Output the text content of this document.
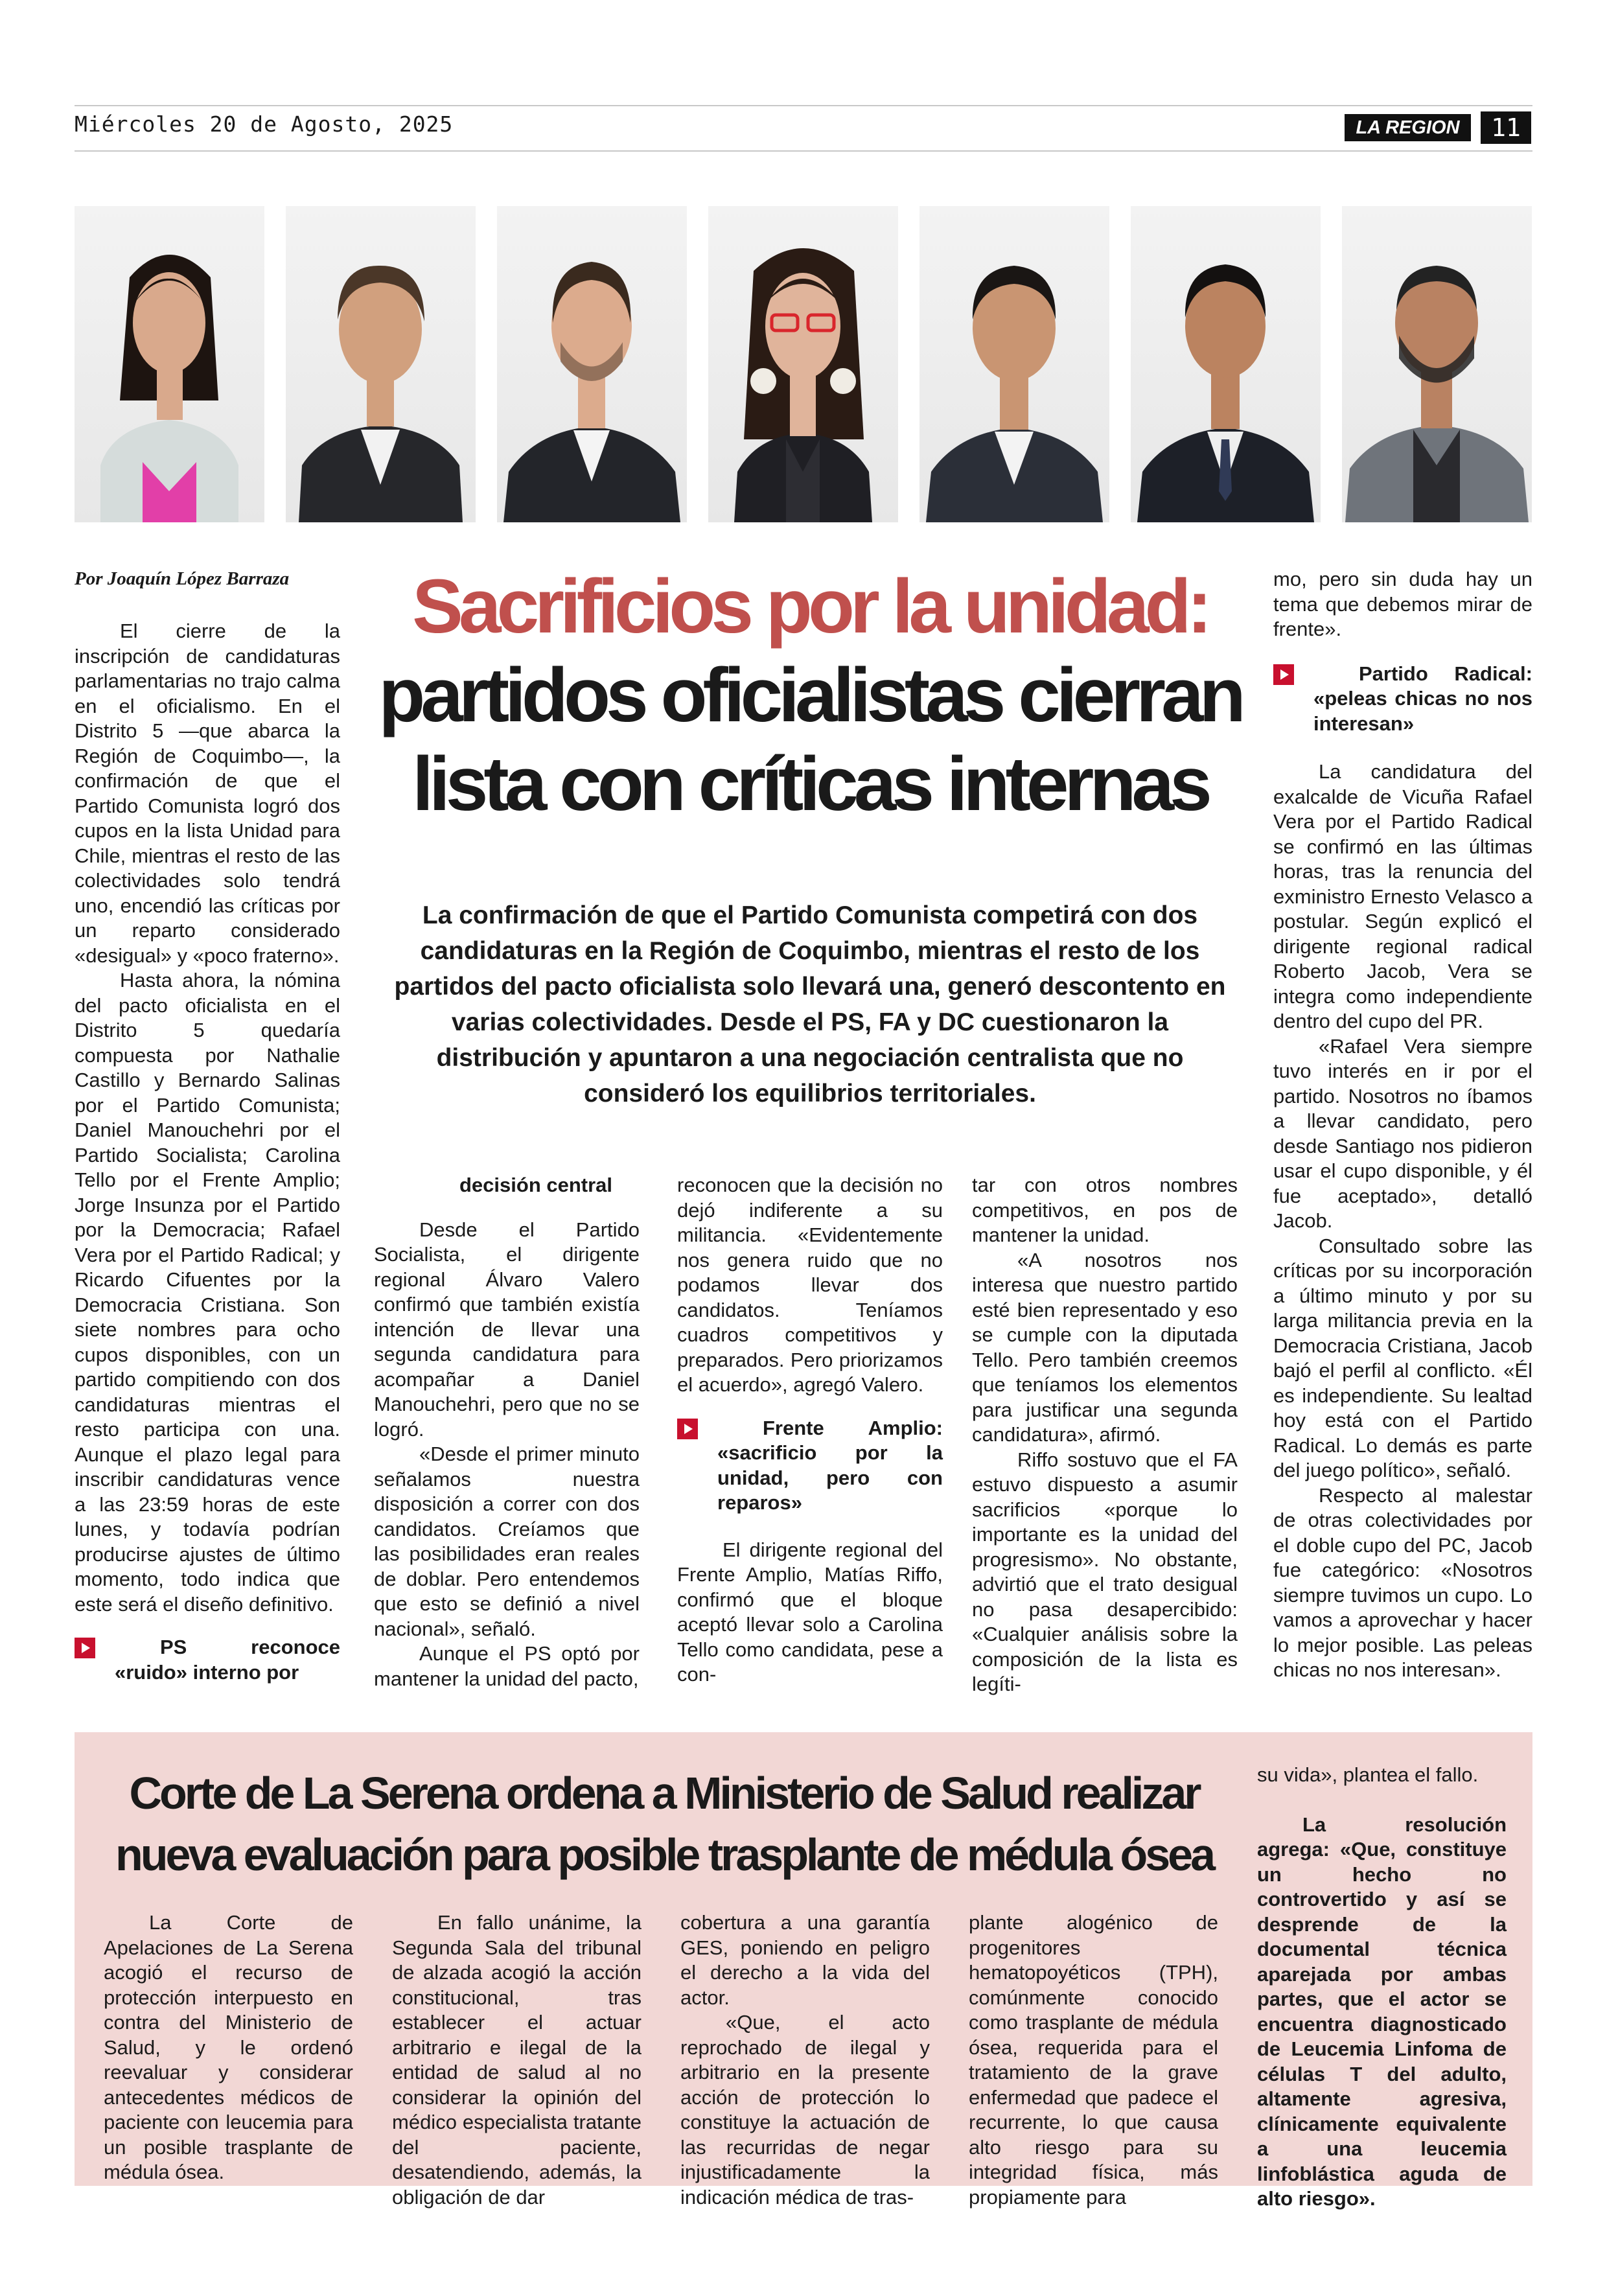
Miércoles 20 de Agosto, 2025	LA REGION	11
Por Joaquín López Barraza	Sacrificios por la unidad:
partidos oficialistas cierran
lista con críticas internas
La confirmación de que el Partido Comunista competirá con dos candidaturas en la Región de Coquimbo, mientras el resto de los partidos del pacto oficialista solo llevará una, generó descontento en varias colectividades. Desde el PS, FA y DC cuestionaron la distribución y apuntaron a una negociación centralista que no consideró los equilibrios territoriales.

El cierre de la inscripción de candidaturas parlamentarias no trajo calma en el oficialismo. En el Distrito 5 —que abarca la Región de Coquimbo—, la confirmación de que el Partido Comunista logró dos cupos en la lista Unidad para Chile, mientras el resto de las colectividades solo tendrá uno, encendió las críticas por un reparto considerado «desigual» y «poco fraterno».

Hasta ahora, la nómina del pacto oficialista en el Distrito 5 quedaría compuesta por Nathalie Castillo y Bernardo Salinas por el Partido Comunista; Daniel Manouchehri por el Partido Socialista; Carolina Tello por el Frente Amplio; Jorge Insunza por el Partido por la Democracia; Rafael Vera por el Partido Radical; y Ricardo Cifuentes por la Democracia Cristiana. Son siete nombres para ocho cupos disponibles, con un partido compitiendo con dos candidaturas mientras el resto participa con una. Aunque el plazo legal para inscribir candidaturas vence a las 23:59 horas de este lunes, y todavía podrían producirse ajustes de último momento, todo indica que este será el diseño definitivo.

PS reconoce «ruido» interno por

decisión central

Desde el Partido Socialista, el dirigente regional Álvaro Valero confirmó que también existía intención de llevar una segunda candidatura para acompañar a Daniel Manouchehri, pero que no se logró.

«Desde el primer minuto señalamos nuestra disposición a correr con dos candidatos. Creíamos que las posibilidades eran reales de doblar. Pero entendemos que esto se definió a nivel nacional», señaló.

Aunque el PS optó por mantener la unidad del pacto,

reconocen que la decisión no dejó indiferente a su militancia. «Evidentemente nos genera ruido que no podamos llevar dos candidatos. Teníamos cuadros competitivos y preparados. Pero priorizamos el acuerdo», agregó Valero.

Frente Amplio: «sacrificio por la unidad, pero con reparos»

El dirigente regional del Frente Amplio, Matías Riffo, confirmó que el bloque aceptó llevar solo a Carolina Tello como candidata, pese a con-

tar con otros nombres competitivos, en pos de mantener la unidad.

«A nosotros nos interesa que nuestro partido esté bien representado y eso se cumple con la diputada Tello. Pero también creemos que teníamos los elementos para justificar una segunda candidatura», afirmó.

Riffo sostuvo que el FA estuvo dispuesto a asumir sacrificios «porque lo importante es la unidad del progresismo». No obstante, advirtió que el trato desigual no pasa desapercibido: «Cualquier análisis sobre la composición de la lista es legíti-

mo, pero sin duda hay un tema que debemos mirar de frente».

Partido Radical: «peleas chicas no nos interesan»

La candidatura del exalcalde de Vicuña Rafael Vera por el Partido Radical se confirmó en las últimas horas, tras la renuncia del exministro Ernesto Velasco a postular. Según explicó el dirigente regional radical Roberto Jacob, Vera se integra como independiente dentro del cupo del PR.

«Rafael Vera siempre tuvo interés en ir por el partido. Nosotros no íbamos a llevar candidato, pero desde Santiago nos pidieron usar el cupo disponible, y él fue aceptado», detalló Jacob.

Consultado sobre las críticas por su incorporación a último minuto y por su larga militancia previa en la Democracia Cristiana, Jacob bajó el perfil al conflicto. «Él es independiente. Su lealtad hoy está con el Partido Radical. Lo demás es parte del juego político», señaló.

Respecto al malestar de otras colectividades por el doble cupo del PC, Jacob fue categórico: «Nosotros siempre tuvimos un cupo. Lo vamos a aprovechar y hacer lo mejor posible. Las peleas chicas no nos interesan».

Corte de La Serena ordena a Ministerio de Salud realizar
nueva evaluación para posible trasplante de médula ósea

La Corte de Apelaciones de La Serena acogió el recurso de protección interpuesto en contra del Ministerio de Salud, y le ordenó reevaluar y considerar antecedentes médicos de paciente con leucemia para un posible trasplante de médula ósea.

En fallo unánime, la Segunda Sala del tribunal de alzada acogió la acción constitucional, tras establecer el actuar arbitrario e ilegal de la entidad de salud al no considerar la opinión del médico especialista tratante del paciente, desatendiendo, además, la obligación de dar

cobertura a una garantía GES, poniendo en peligro el derecho a la vida del actor.

«Que, el acto reprochado de ilegal y arbitrario en la presente acción de protección lo constituye la actuación de las recurridas de negar injustificadamente la indicación médica de tras-

plante alogénico de progenitores hematopoyéticos (TPH), comúnmente conocido como trasplante de médula ósea, requerida para el tratamiento de la grave enfermedad que padece el recurrente, lo que causa alto riesgo para su integridad física, más propiamente para

su vida», plantea el fallo.

La resolución agrega: «Que, constituye un hecho no controvertido y así se desprende de la documental técnica aparejada por ambas partes, que el actor se encuentra diagnosticado de Leucemia Linfoma de células T del adulto, altamente agresiva, clínicamente equivalente a una leucemia linfoblástica aguda de alto riesgo».
